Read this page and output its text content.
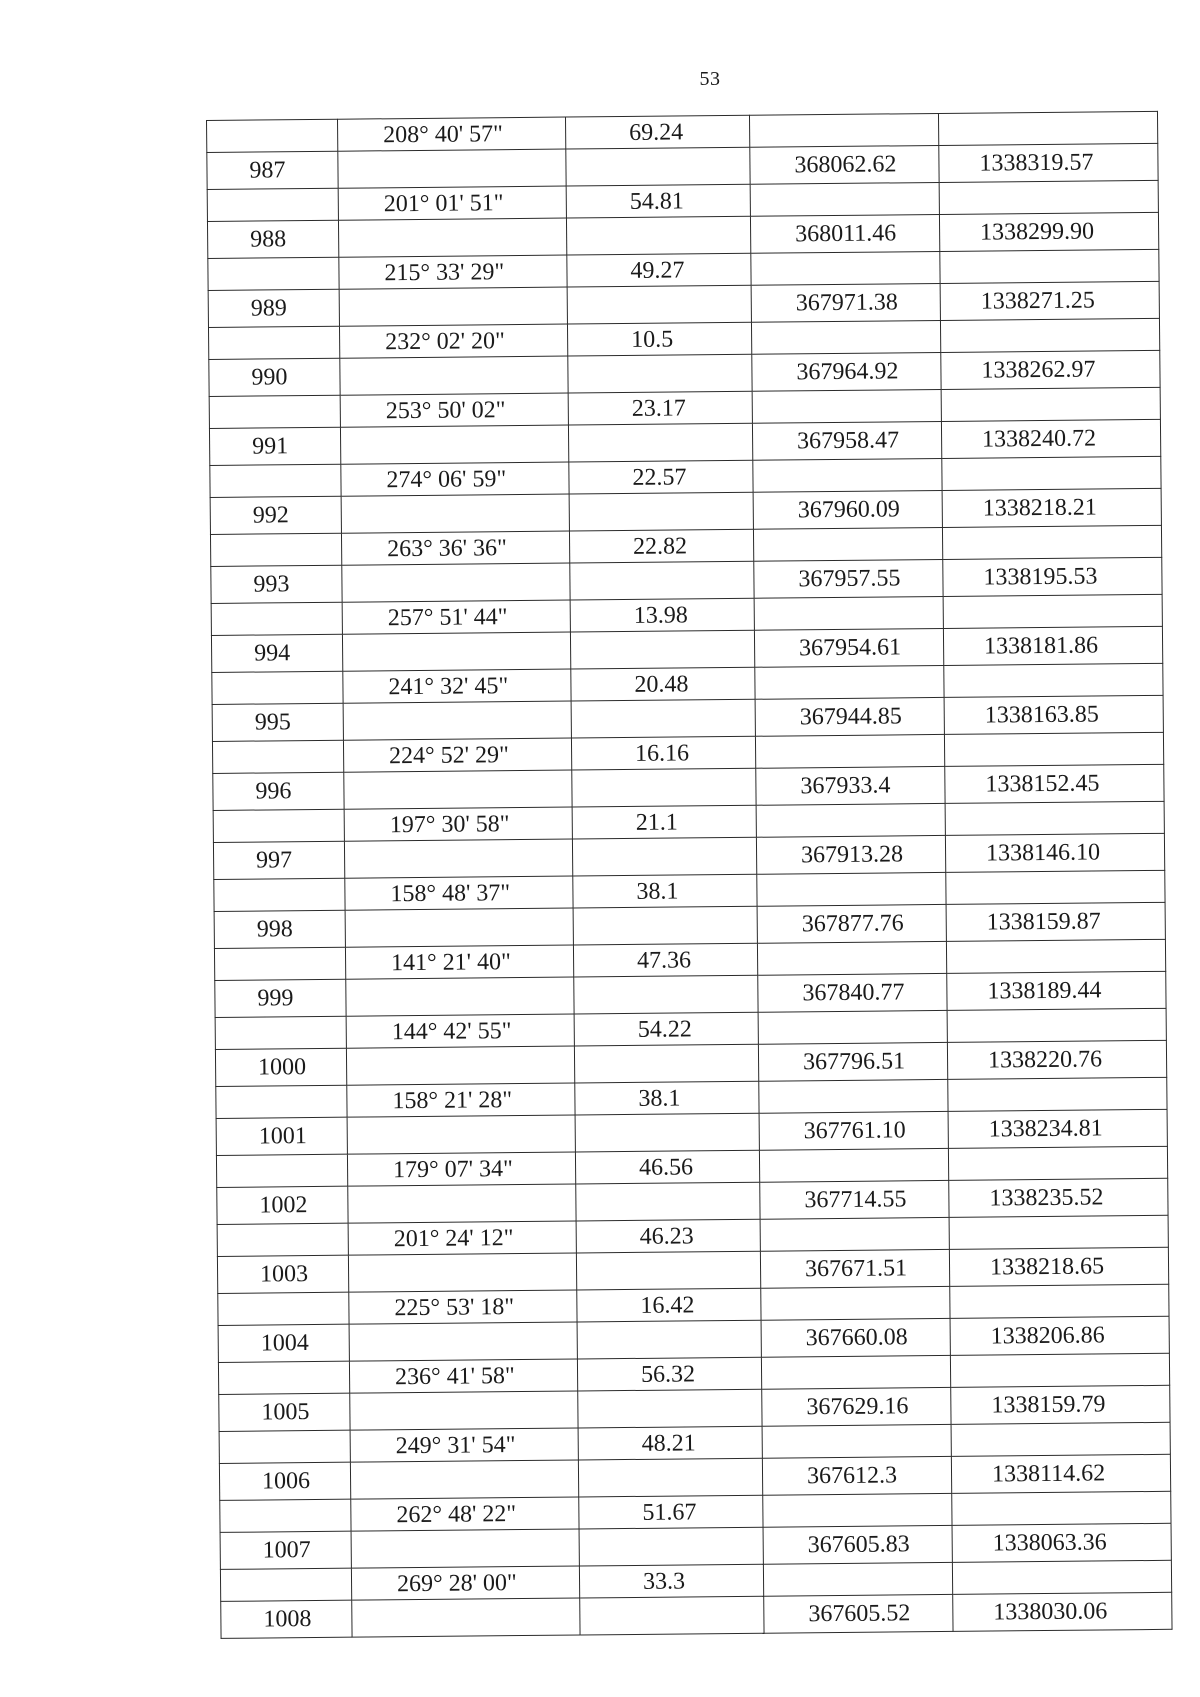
53
	208° 40' 57"	69.24		
987			368062.62	1338319.57
	201° 01' 51"	54.81		
988			368011.46	1338299.90
	215° 33' 29"	49.27		
989			367971.38	1338271.25
	232° 02' 20"	10.5		
990			367964.92	1338262.97
	253° 50' 02"	23.17		
991			367958.47	1338240.72
	274° 06' 59"	22.57		
992			367960.09	1338218.21
	263° 36' 36"	22.82		
993			367957.55	1338195.53
	257° 51' 44"	13.98		
994			367954.61	1338181.86
	241° 32' 45"	20.48		
995			367944.85	1338163.85
	224° 52' 29"	16.16		
996			367933.4	1338152.45
	197° 30' 58"	21.1		
997			367913.28	1338146.10
	158° 48' 37"	38.1		
998			367877.76	1338159.87
	141° 21' 40"	47.36		
999			367840.77	1338189.44
	144° 42' 55"	54.22		
1000			367796.51	1338220.76
	158° 21' 28"	38.1		
1001			367761.10	1338234.81
	179° 07' 34"	46.56		
1002			367714.55	1338235.52
	201° 24' 12"	46.23		
1003			367671.51	1338218.65
	225° 53' 18"	16.42		
1004			367660.08	1338206.86
	236° 41' 58"	56.32		
1005			367629.16	1338159.79
	249° 31' 54"	48.21		
1006			367612.3	1338114.62
	262° 48' 22"	51.67		
1007			367605.83	1338063.36
	269° 28' 00"	33.3		
1008			367605.52	1338030.06
